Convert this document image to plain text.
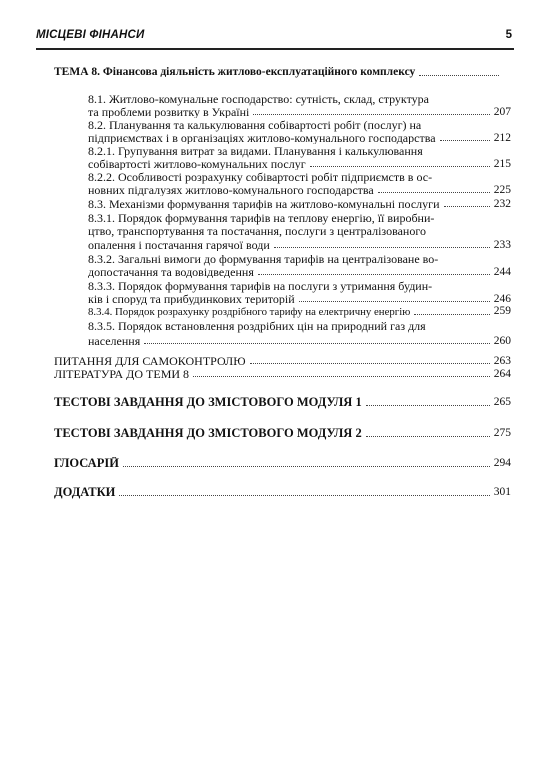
МІСЦЕВІ ФІНАНСИ	5
ТЕМА 8. Фінансова діяльність житлово-експлуатаційного комплексу
8.1. Житлово-комунальне господарство: сутність, склад, структура
та проблеми розвитку в Україні	207
8.2. Планування та калькулювання собівартості робіт (послуг) на
підприємствах і в організаціях житлово-комунального господарства	212
8.2.1. Групування витрат за видами. Планування і калькулювання
собівартості житлово-комунальних послуг	215
8.2.2. Особливості розрахунку собівартості робіт підприємств в ос-
новних підгалузях житлово-комунального господарства	225
8.3. Механізми формування тарифів на житлово-комунальні послуги	232
8.3.1. Порядок формування тарифів на теплову енергію, її виробни-
цтво, транспортування та постачання, послуги з централізованого
опалення і постачання гарячої води	233
8.3.2. Загальні вимоги до формування тарифів на централізоване во-
допостачання та водовідведення	244
8.3.3. Порядок формування тарифів на послуги з утримання будин-
ків і споруд та прибудинкових територій	246
8.3.4. Порядок розрахунку роздрібного тарифу на електричну енергію	259
8.3.5. Порядок встановлення роздрібних цін на природний газ для
населення	260
ПИТАННЯ ДЛЯ САМОКОНТРОЛЮ	263
ЛІТЕРАТУРА ДО ТЕМИ 8	264
ТЕСТОВІ ЗАВДАННЯ ДО ЗМІСТОВОГО МОДУЛЯ 1	265
ТЕСТОВІ ЗАВДАННЯ ДО ЗМІСТОВОГО МОДУЛЯ 2	275
ГЛОСАРІЙ	294
ДОДАТКИ	301
